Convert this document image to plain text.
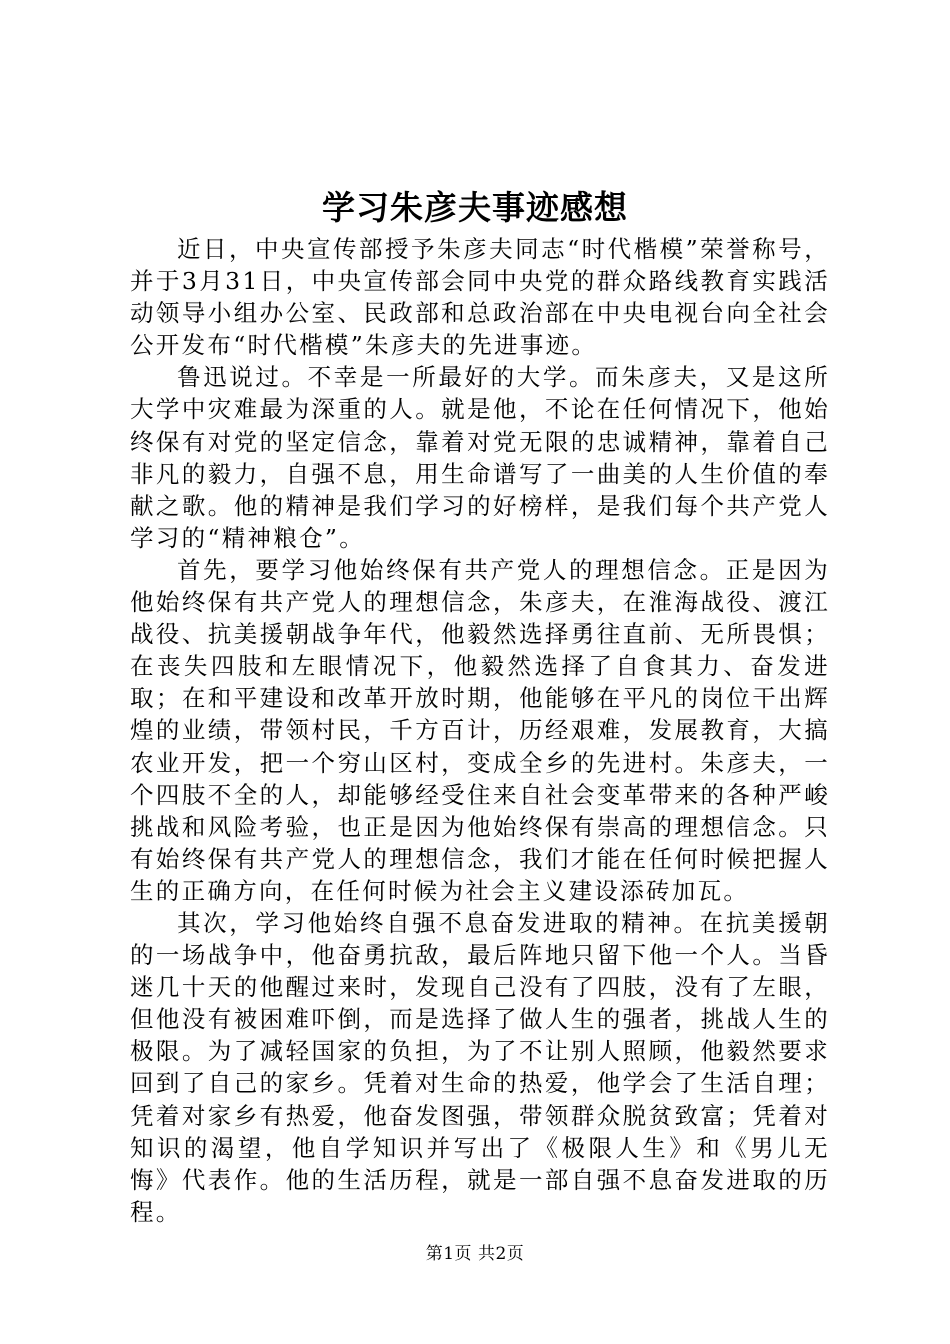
学习朱彦夫事迹感想

近日，中央宣传部授予朱彦夫同志“时代楷模”荣誉称号，并于3月31日，中央宣传部会同中央党的群众路线教育实践活动领导小组办公室、民政部和总政治部在中央电视台向全社会公开发布“时代楷模”朱彦夫的先进事迹。

鲁迅说过。不幸是一所最好的大学。而朱彦夫，又是这所大学中灾难最为深重的人。就是他，不论在任何情况下，他始终保有对党的坚定信念，靠着对党无限的忠诚精神，靠着自己非凡的毅力，自强不息，用生命谱写了一曲美的人生价值的奉献之歌。他的精神是我们学习的好榜样，是我们每个共产党人学习的“精神粮仓”。

首先，要学习他始终保有共产党人的理想信念。正是因为他始终保有共产党人的理想信念，朱彦夫，在淮海战役、渡江战役、抗美援朝战争年代，他毅然选择勇往直前、无所畏惧；在丧失四肢和左眼情况下，他毅然选择了自食其力、奋发进取；在和平建设和改革开放时期，他能够在平凡的岗位干出辉煌的业绩，带领村民，千方百计，历经艰难，发展教育，大搞农业开发，把一个穷山区村，变成全乡的先进村。朱彦夫，一个四肢不全的人，却能够经受住来自社会变革带来的各种严峻挑战和风险考验，也正是因为他始终保有崇高的理想信念。只有始终保有共产党人的理想信念，我们才能在任何时候把握人生的正确方向，在任何时候为社会主义建设添砖加瓦。

其次，学习他始终自强不息奋发进取的精神。在抗美援朝的一场战争中，他奋勇抗敌，最后阵地只留下他一个人。当昏迷几十天的他醒过来时，发现自己没有了四肢，没有了左眼，但他没有被困难吓倒，而是选择了做人生的强者，挑战人生的极限。为了减轻国家的负担，为了不让别人照顾，他毅然要求回到了自己的家乡。凭着对生命的热爱，他学会了生活自理；凭着对家乡有热爱，他奋发图强，带领群众脱贫致富；凭着对知识的渴望，他自学知识并写出了《极限人生》和《男儿无悔》代表作。他的生活历程，就是一部自强不息奋发进取的历程。

第1页 共2页
